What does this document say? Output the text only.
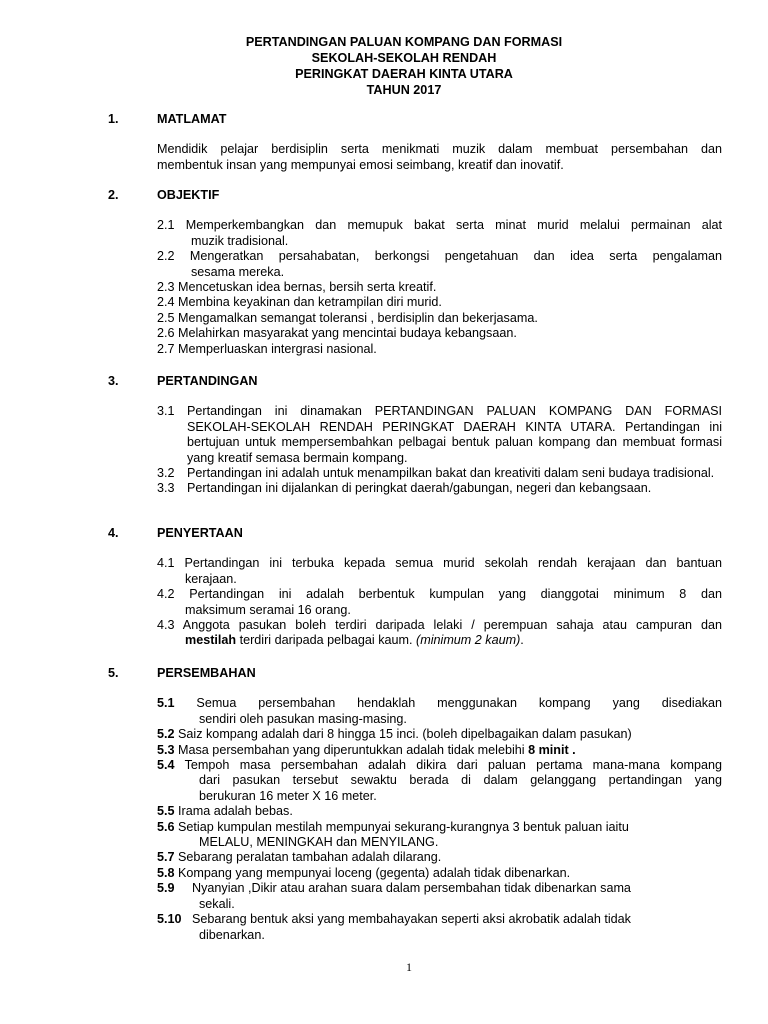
PERTANDINGAN PALUAN KOMPANG DAN FORMASI
SEKOLAH-SEKOLAH RENDAH
PERINGKAT DAERAH KINTA UTARA
TAHUN 2017
1.	MATLAMAT
Mendidik pelajar berdisiplin serta menikmati muzik dalam membuat persembahan dan
membentuk insan yang mempunyai emosi seimbang, kreatif dan inovatif.
2.	OBJEKTIF
2.1 Memperkembangkan dan memupuk bakat serta minat murid melalui permainan alat
muzik tradisional.
2.2 Mengeratkan persahabatan, berkongsi pengetahuan dan idea serta pengalaman
sesama mereka.
2.3 Mencetuskan idea bernas, bersih serta kreatif.
2.4 Membina keyakinan dan ketrampilan diri murid.
2.5 Mengamalkan semangat toleransi , berdisiplin dan bekerjasama.
2.6 Melahirkan masyarakat yang mencintai budaya kebangsaan.
2.7 Memperluaskan intergrasi nasional.
3.	PERTANDINGAN
3.1 Pertandingan ini dinamakan PERTANDINGAN PALUAN KOMPANG DAN FORMASI SEKOLAH-SEKOLAH RENDAH PERINGKAT DAERAH KINTA UTARA. Pertandingan ini bertujuan untuk mempersembahkan pelbagai bentuk paluan kompang dan membuat formasi yang kreatif semasa bermain kompang.
3.2 Pertandingan ini adalah untuk menampilkan bakat dan kreativiti dalam seni budaya tradisional.
3.3 Pertandingan ini dijalankan di peringkat daerah/gabungan, negeri dan kebangsaan.
4.	PENYERTAAN
4.1 Pertandingan ini terbuka kepada semua murid sekolah rendah kerajaan dan bantuan
kerajaan.
4.2 Pertandingan ini adalah berbentuk kumpulan yang dianggotai minimum 8 dan
maksimum seramai 16 orang.
4.3 Anggota pasukan boleh terdiri daripada lelaki / perempuan sahaja atau campuran dan
mestilah terdiri daripada pelbagai kaum. (minimum 2 kaum).
5.	PERSEMBAHAN
5.1 Semua persembahan hendaklah menggunakan kompang yang disediakan
sendiri oleh pasukan masing-masing.
5.2 Saiz kompang adalah dari 8 hingga 15 inci. (boleh dipelbagaikan dalam pasukan)
5.3 Masa persembahan yang diperuntukkan adalah tidak melebihi 8 minit .
5.4 Tempoh masa persembahan adalah dikira dari paluan pertama mana-mana kompang
dari pasukan tersebut sewaktu berada di dalam gelanggang pertandingan yang
berukuran 16 meter X 16 meter.
5.5 Irama adalah bebas.
5.6 Setiap kumpulan mestilah mempunyai sekurang-kurangnya 3 bentuk paluan iaitu
MELALU, MENINGKAH dan MENYILANG.
5.7 Sebarang peralatan tambahan adalah dilarang.
5.8 Kompang yang mempunyai loceng (gegenta) adalah tidak dibenarkan.
5.9     Nyanyian ,Dikir atau arahan suara dalam persembahan tidak dibenarkan sama
sekali.
5.10   Sebarang bentuk aksi yang membahayakan seperti aksi akrobatik adalah tidak
dibenarkan.
1
